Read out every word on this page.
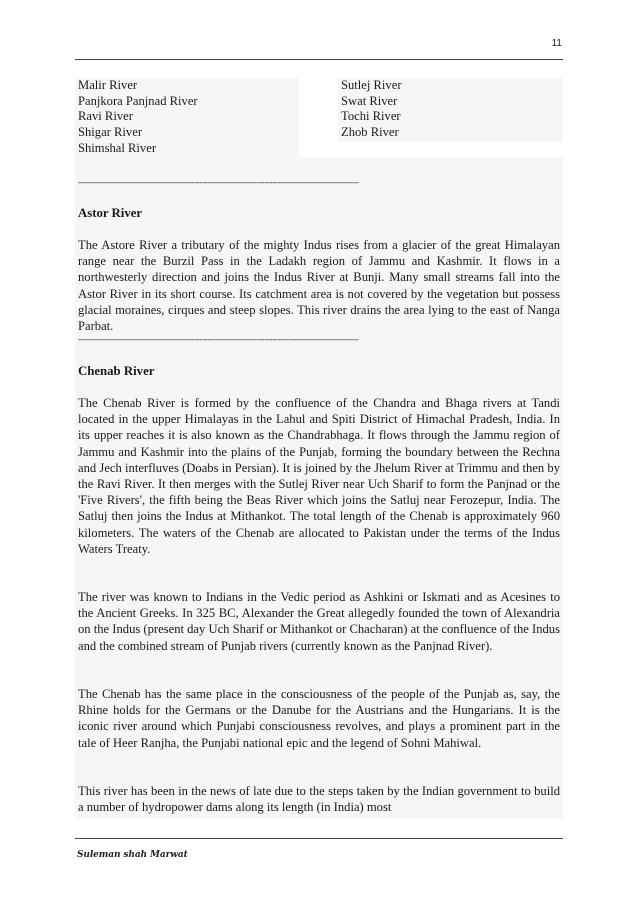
11
Malir River
Panjkora Panjnad River
Ravi River
Shigar River
Shimshal River
Sutlej River
Swat River
Tochi River
Zhob River
--------------------------------------------------------------------------------------------------------
Astor River
The Astore River a tributary of the mighty Indus rises from a glacier of the great Himalayan range near the Burzil Pass in the Ladakh region of Jammu and Kashmir. It flows in a northwesterly direction and joins the Indus River at Bunji. Many small streams fall into the Astor River in its short course. Its catchment area is not covered by the vegetation but possess glacial moraines, cirques and steep slopes. This river drains the area lying to the east of Nanga Parbat.
--------------------------------------------------------------------------------------------------------
Chenab River
The Chenab River is formed by the confluence of the Chandra and Bhaga rivers at Tandi located in the upper Himalayas in the Lahul and Spiti District of Himachal Pradesh, India. In its upper reaches it is also known as the Chandrabhaga. It flows through the Jammu region of Jammu and Kashmir into the plains of the Punjab, forming the boundary between the Rechna and Jech interfluves (Doabs in Persian). It is joined by the Jhelum River at Trimmu and then by the Ravi River. It then merges with the Sutlej River near Uch Sharif to form the Panjnad or the 'Five Rivers', the fifth being the Beas River which joins the Satluj near Ferozepur, India. The Satluj then joins the Indus at Mithankot. The total length of the Chenab is approximately 960 kilometers. The waters of the Chenab are allocated to Pakistan under the terms of the Indus Waters Treaty.
The river was known to Indians in the Vedic period as Ashkini or Iskmati and as Acesines to the Ancient Greeks. In 325 BC, Alexander the Great allegedly founded the town of Alexandria on the Indus (present day Uch Sharif or Mithankot or Chacharan) at the confluence of the Indus and the combined stream of Punjab rivers (currently known as the Panjnad River).
The Chenab has the same place in the consciousness of the people of the Punjab as, say, the Rhine holds for the Germans or the Danube for the Austrians and the Hungarians. It is the iconic river around which Punjabi consciousness revolves, and plays a prominent part in the tale of Heer Ranjha, the Punjabi national epic and the legend of Sohni Mahiwal.
This river has been in the news of late due to the steps taken by the Indian government to build a number of hydropower dams along its length (in India) most
Suleman shah Marwat
